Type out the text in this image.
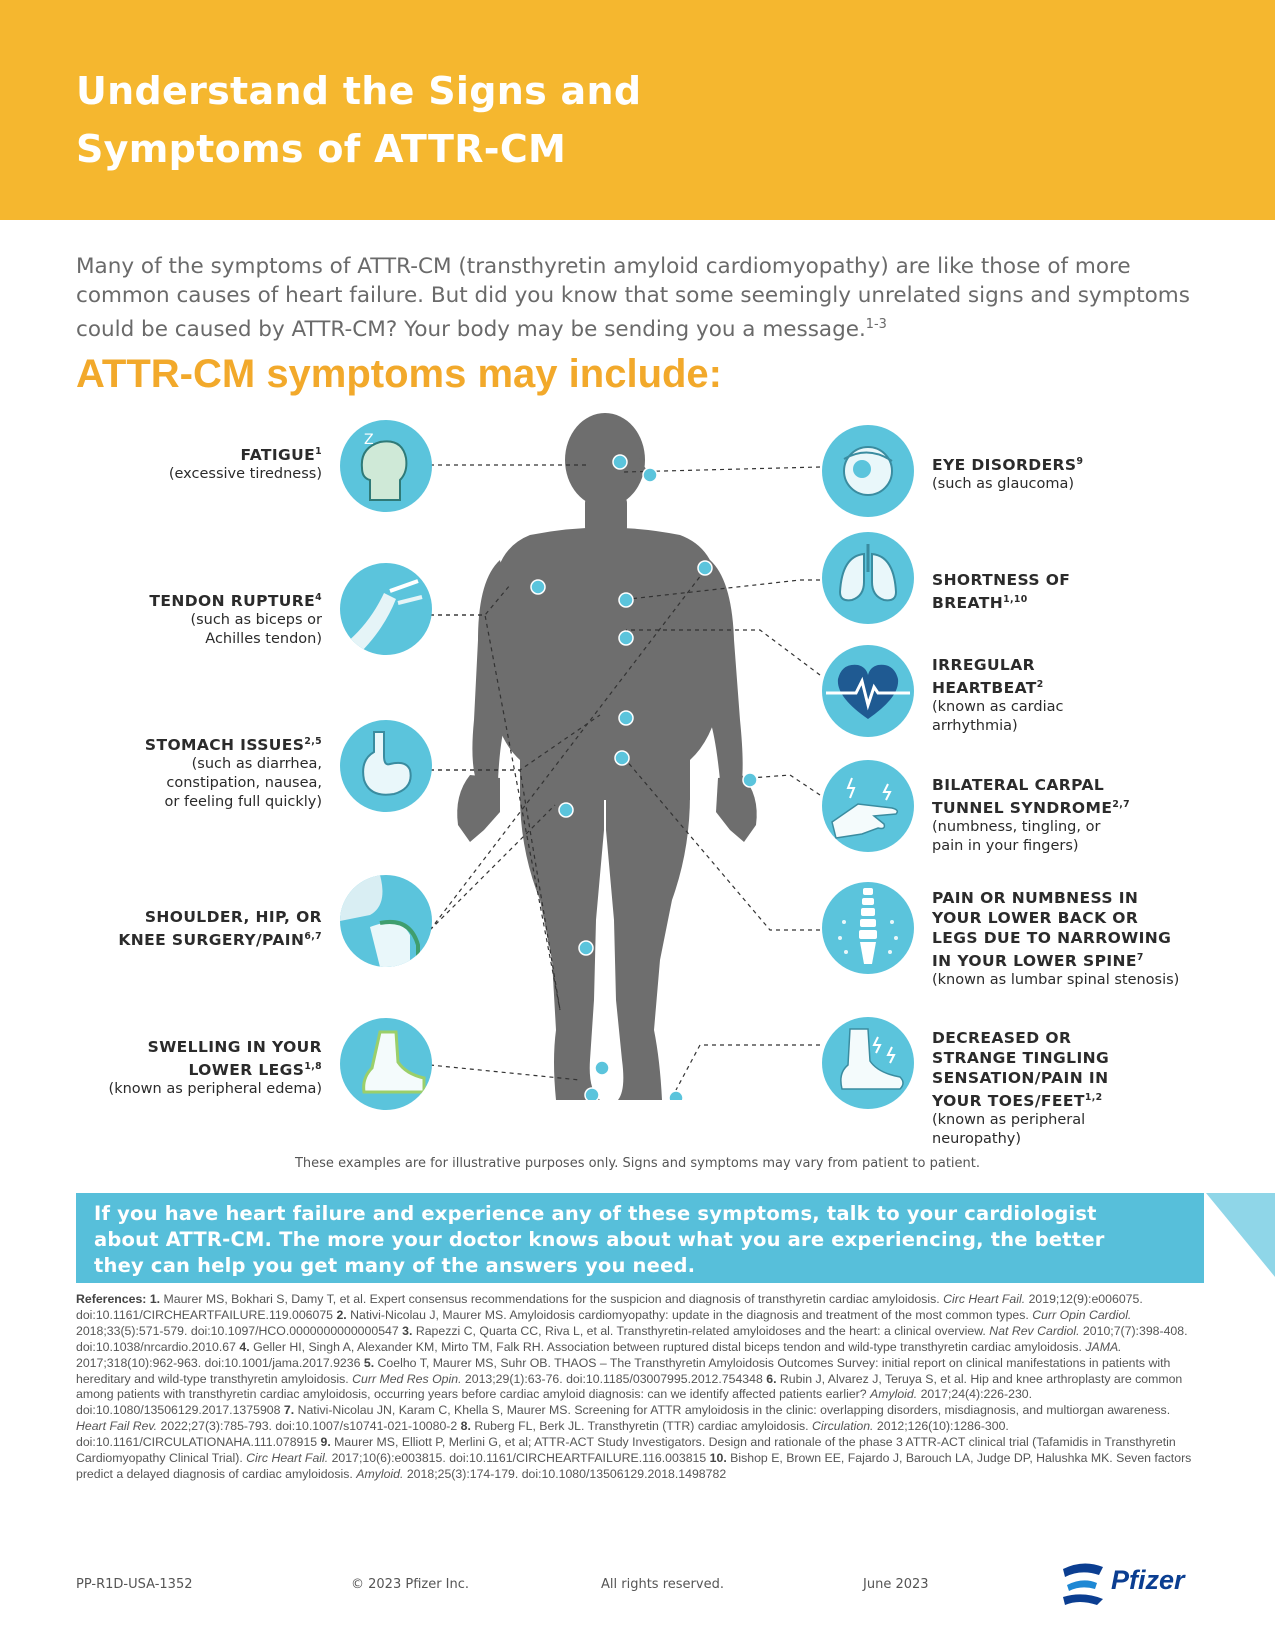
Understand the Signs and
Symptoms of ATTR-CM

Many of the symptoms of ATTR-CM (transthyretin amyloid cardiomyopathy) are like those of more common causes of heart failure. But did you know that some seemingly unrelated signs and symptoms could be caused by ATTR-CM? Your body may be sending you a message.$^{1-3}$

ATTR-CM symptoms may include:
FATIGUE$^1$
(excessive tiredness)
Z
TENDON RUPTURE$^4$
(such as biceps or
Achilles tendon)
STOMACH ISSUES$^{2,5}$
(such as diarrhea,
constipation, nausea,
or feeling full quickly)
SHOULDER, HIP, OR
KNEE SURGERY/PAIN$^{6,7}$
SWELLING IN YOUR
LOWER LEGS$^{1,8}$
(known as peripheral edema)
EYE DISORDERS$^9$
(such as glaucoma)
SHORTNESS OF
BREATH$^{1,10}$
IRREGULAR
HEARTBEAT$^2$
(known as cardiac
arrhythmia)
BILATERAL CARPAL
TUNNEL SYNDROME$^{2,7}$
(numbness, tingling, or
pain in your fingers)
PAIN OR NUMBNESS IN
YOUR LOWER BACK OR
LEGS DUE TO NARROWING
IN YOUR LOWER SPINE$^7$
(known as lumbar spinal stenosis)
DECREASED OR
STRANGE TINGLING
SENSATION/PAIN IN
YOUR TOES/FEET$^{1,2}$
(known as peripheral
neuropathy)

These examples are for illustrative purposes only. Signs and symptoms may vary from patient to patient.

If you have heart failure and experience any of these symptoms, talk to your cardiologist about ATTR-CM. The more your doctor knows about what you are experiencing, the better they can help you get many of the answers you need.

References: 1. Maurer MS, Bokhari S, Damy T, et al. Expert consensus recommendations for the suspicion and diagnosis of transthyretin cardiac amyloidosis. Circ Heart Fail. 2019;12(9):e006075. doi:10.1161/CIRCHEARTFAILURE.119.006075 2. Nativi-Nicolau J, Maurer MS. Amyloidosis cardiomyopathy: update in the diagnosis and treatment of the most common types. Curr Opin Cardiol. 2018;33(5):571-579. doi:10.1097/HCO.0000000000000547 3. Rapezzi C, Quarta CC, Riva L, et al. Transthyretin-related amyloidoses and the heart: a clinical overview. Nat Rev Cardiol. 2010;7(7):398-408. doi:10.1038/nrcardio.2010.67 4. Geller HI, Singh A, Alexander KM, Mirto TM, Falk RH. Association between ruptured distal biceps tendon and wild-type transthyretin cardiac amyloidosis. JAMA. 2017;318(10):962-963. doi:10.1001/jama.2017.9236 5. Coelho T, Maurer MS, Suhr OB. THAOS – The Transthyretin Amyloidosis Outcomes Survey: initial report on clinical manifestations in patients with hereditary and wild-type transthyretin amyloidosis. Curr Med Res Opin. 2013;29(1):63-76. doi:10.1185/03007995.2012.754348 6. Rubin J, Alvarez J, Teruya S, et al. Hip and knee arthroplasty are common among patients with transthyretin cardiac amyloidosis, occurring years before cardiac amyloid diagnosis: can we identify affected patients earlier? Amyloid. 2017;24(4):226-230. doi:10.1080/13506129.2017.1375908 7. Nativi-Nicolau JN, Karam C, Khella S, Maurer MS. Screening for ATTR amyloidosis in the clinic: overlapping disorders, misdiagnosis, and multiorgan awareness. Heart Fail Rev. 2022;27(3):785-793. doi:10.1007/s10741-021-10080-2 8. Ruberg FL, Berk JL. Transthyretin (TTR) cardiac amyloidosis. Circulation. 2012;126(10):1286-300. doi:10.1161/CIRCULATIONAHA.111.078915 9. Maurer MS, Elliott P, Merlini G, et al; ATTR-ACT Study Investigators. Design and rationale of the phase 3 ATTR-ACT clinical trial (Tafamidis in Transthyretin Cardiomyopathy Clinical Trial). Circ Heart Fail. 2017;10(6):e003815. doi:10.1161/CIRCHEARTFAILURE.116.003815 10. Bishop E, Brown EE, Fajardo J, Barouch LA, Judge DP, Halushka MK. Seven factors predict a delayed diagnosis of cardiac amyloidosis. Amyloid. 2018;25(3):174-179. doi:10.1080/13506129.2018.1498782

PP-R1D-USA-1352	© 2023 Pfizer Inc.	All rights reserved.	June 2023	Pfizer
